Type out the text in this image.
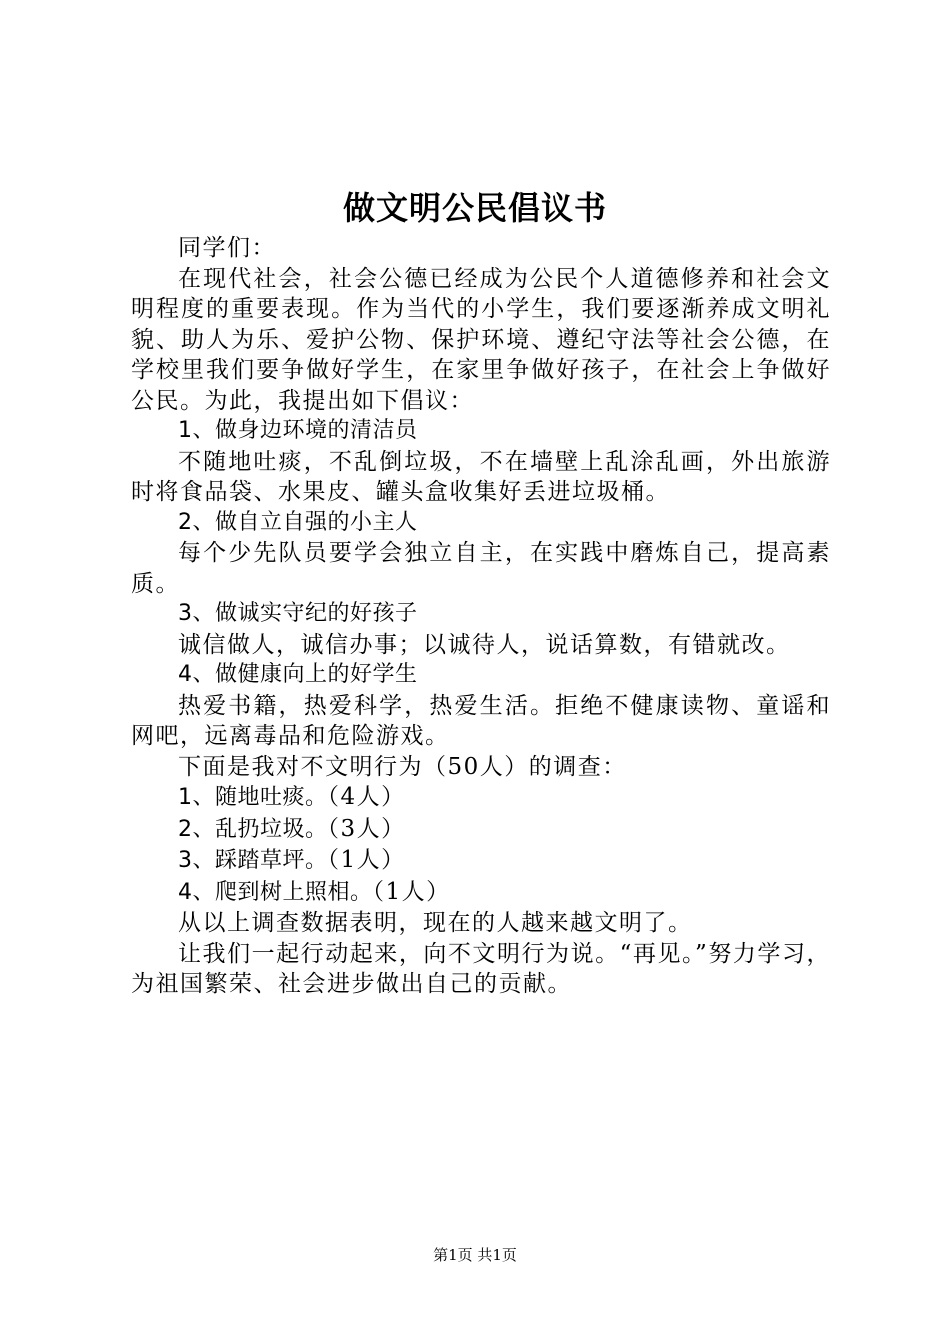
做文明公民倡议书

同学们：

在现代社会，社会公德已经成为公民个人道德修养和社会文明程度的重要表现。作为当代的小学生，我们要逐渐养成文明礼貌、助人为乐、爱护公物、保护环境、遵纪守法等社会公德，在学校里我们要争做好学生，在家里争做好孩子，在社会上争做好公民。为此，我提出如下倡议：

1、做身边环境的清洁员

不随地吐痰，不乱倒垃圾，不在墙壁上乱涂乱画，外出旅游时将食品袋、水果皮、罐头盒收集好丢进垃圾桶。

2、做自立自强的小主人

每个少先队员要学会独立自主，在实践中磨炼自己，提高素质。

3、做诚实守纪的好孩子

诚信做人，诚信办事；以诚待人，说话算数，有错就改。

4、做健康向上的好学生

热爱书籍，热爱科学，热爱生活。拒绝不健康读物、童谣和网吧，远离毒品和危险游戏。

下面是我对不文明行为（50人）的调查：

1、随地吐痰。（4人）

2、乱扔垃圾。（3人）

3、踩踏草坪。（1人）

4、爬到树上照相。（1人）

从以上调查数据表明，现在的人越来越文明了。

让我们一起行动起来，向不文明行为说。“再见。”努力学习，为祖国繁荣、社会进步做出自己的贡献。

第1页 共1页
